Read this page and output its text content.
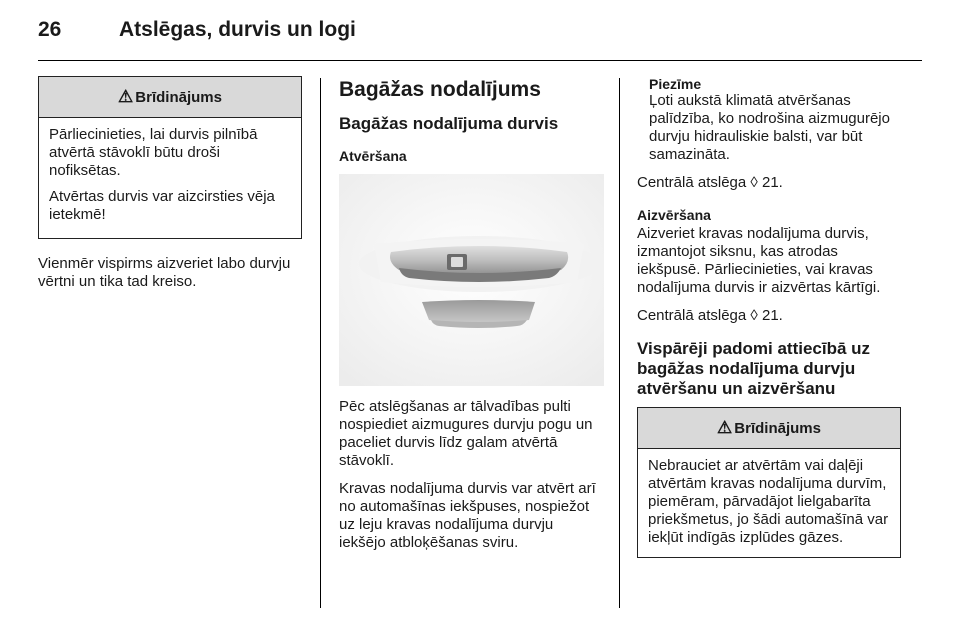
26	Atslēgas, durvis un logi
⚠ Brīdinājums

Pārliecinieties, lai durvis pilnībā atvērtā stāvoklī būtu droši nofiksētas.

Atvērtas durvis var aizcirsties vēja ietekmē!

Vienmēr vispirms aizveriet labo durvju vērtni un tika tad kreiso.

Bagāžas nodalījums
Bagāžas nodalījuma durvis
Atvēršana

Pēc atslēgšanas ar tālvadības pulti nospiediet aizmugures durvju pogu un paceliet durvis līdz galam atvērtā stāvoklī.

Kravas nodalījuma durvis var atvērt arī no automašīnas iekšpuses, nospiežot uz leju kravas nodalījuma durvju iekšējo atbloķēšanas sviru.

Piezīme

Ļoti aukstā klimatā atvēršanas palīdzība, ko nodrošina aizmugurējo durvju hidrauliskie balsti, var būt samazināta.

Centrālā atslēga ◊ 21.

Aizvēršana

Aizveriet kravas nodalījuma durvis, izmantojot siksnu, kas atrodas iekšpusē. Pārliecinieties, vai kravas nodalījuma durvis ir aizvērtas kārtīgi.

Centrālā atslēga ◊ 21.

Vispārēji padomi attiecībā uz bagāžas nodalījuma durvju atvēršanu un aizvēršanu
⚠ Brīdinājums

Nebrauciet ar atvērtām vai daļēji atvērtām kravas nodalījuma durvīm, piemēram, pārvadājot lielgabarīta priekšmetus, jo šādi automašīnā var iekļūt indīgās izplūdes gāzes.
